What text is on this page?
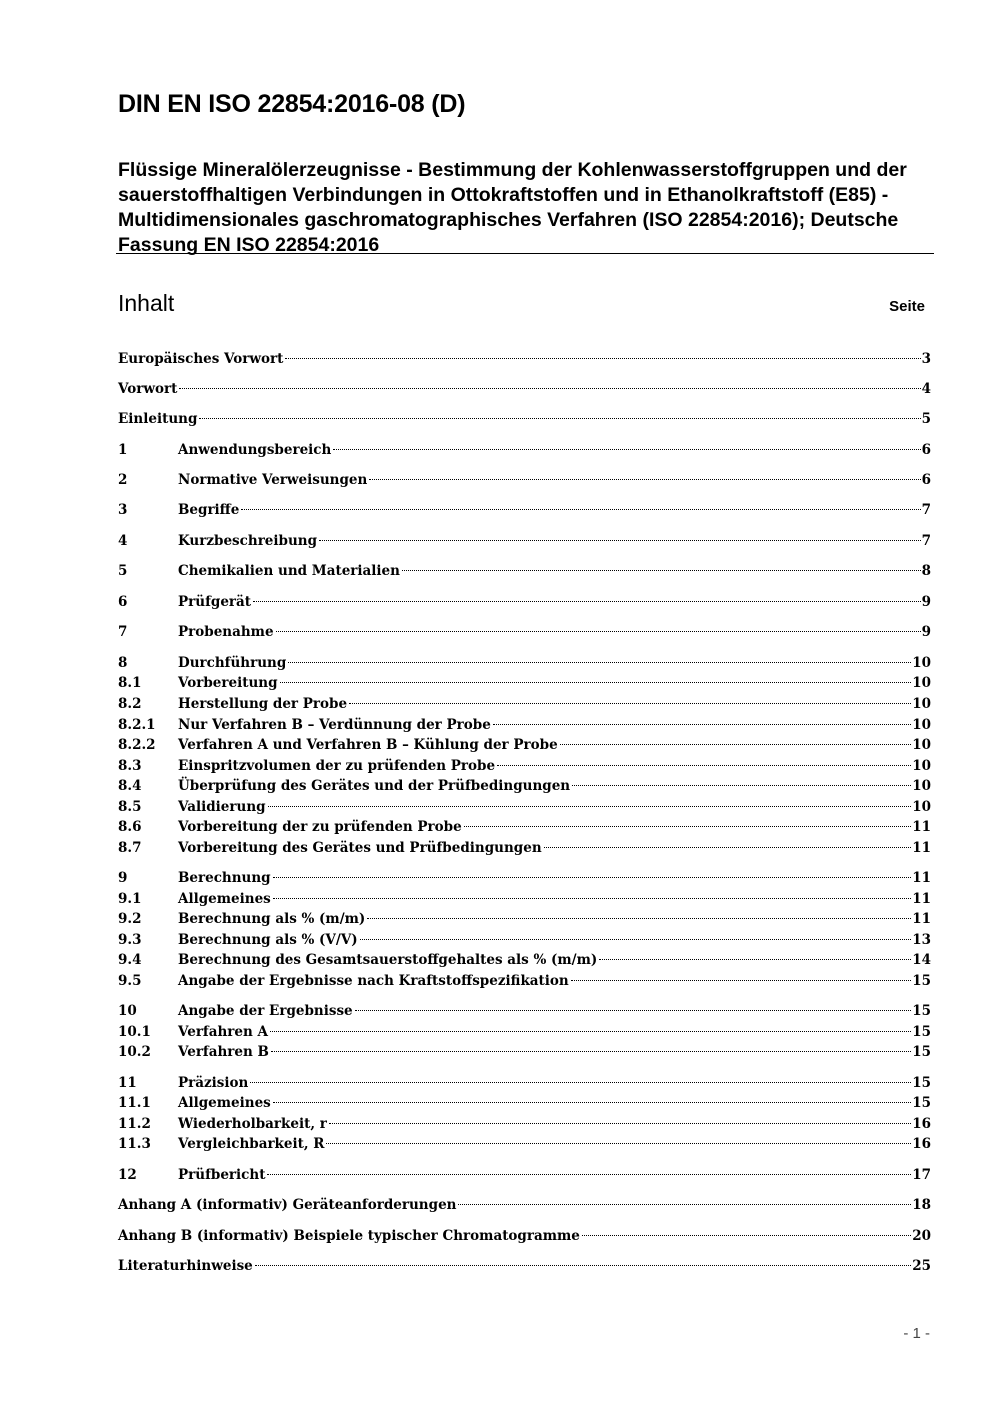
DIN EN ISO 22854:2016-08 (D)
Flüssige Mineralölerzeugnisse - Bestimmung der Kohlenwasserstoffgruppen und der
sauerstoffhaltigen Verbindungen in Ottokraftstoffen und in Ethanolkraftstoff (E85) -
Multidimensionales gaschromatographisches Verfahren (ISO 22854:2016); Deutsche
Fassung EN ISO 22854:2016
Inhalt	Seite
Europäisches Vorwort	3
Vorwort	4
Einleitung	5
1	Anwendungsbereich	6
2	Normative Verweisungen	6
3	Begriffe	7
4	Kurzbeschreibung	7
5	Chemikalien und Materialien	8
6	Prüfgerät	9
7	Probenahme	9
8	Durchführung	10
8.1	Vorbereitung	10
8.2	Herstellung der Probe	10
8.2.1	Nur Verfahren B – Verdünnung der Probe	10
8.2.2	Verfahren A und Verfahren B – Kühlung der Probe	10
8.3	Einspritzvolumen der zu prüfenden Probe	10
8.4	Überprüfung des Gerätes und der Prüfbedingungen	10
8.5	Validierung	10
8.6	Vorbereitung der zu prüfenden Probe	11
8.7	Vorbereitung des Gerätes und Prüfbedingungen	11
9	Berechnung	11
9.1	Allgemeines	11
9.2	Berechnung als % (m/m)	11
9.3	Berechnung als % (V/V)	13
9.4	Berechnung des Gesamtsauerstoffgehaltes als % (m/m)	14
9.5	Angabe der Ergebnisse nach Kraftstoffspezifikation	15
10	Angabe der Ergebnisse	15
10.1	Verfahren A	15
10.2	Verfahren B	15
11	Präzision	15
11.1	Allgemeines	15
11.2	Wiederholbarkeit, r	16
11.3	Vergleichbarkeit, R	16
12	Prüfbericht	17
Anhang A (informativ) Geräteanforderungen	18
Anhang B (informativ) Beispiele typischer Chromatogramme	20
Literaturhinweise	25
- 1 -
